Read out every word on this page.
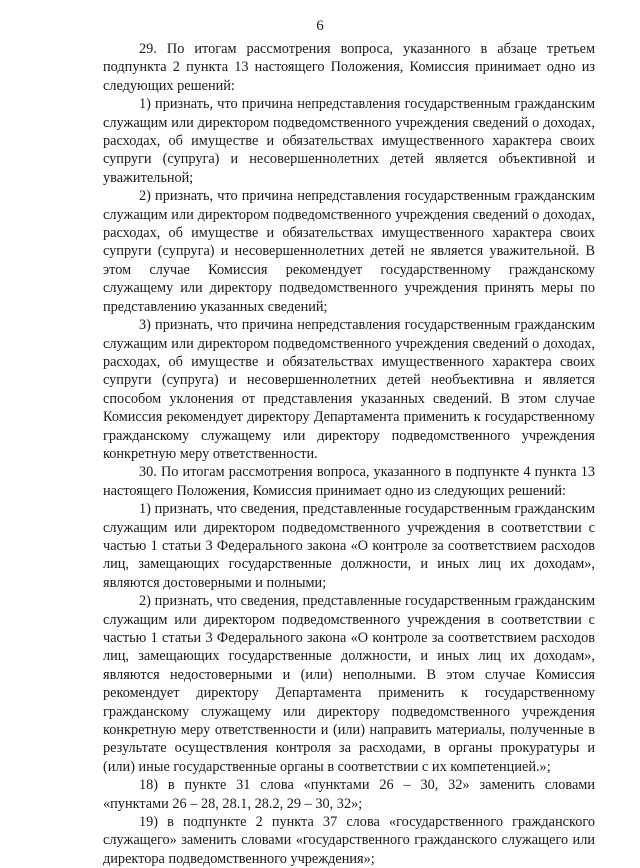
6

29. По итогам рассмотрения вопроса, указанного в абзаце третьем подпункта 2 пункта 13 настоящего Положения, Комиссия принимает одно из следующих решений:

1) признать, что причина непредставления государственным гражданским служащим или директором подведомственного учреждения сведений о доходах, расходах, об имуществе и обязательствах имущественного характера своих супруги (супруга) и несовершеннолетних детей является объективной и уважительной;

2) признать, что причина непредставления государственным гражданским служащим или директором подведомственного учреждения сведений о доходах, расходах, об имуществе и обязательствах имущественного характера своих супруги (супруга) и несовершеннолетних детей не является уважительной. В этом случае Комиссия рекомендует государственному гражданскому служащему или директору подведомственного учреждения принять меры по представлению указанных сведений;

3) признать, что причина непредставления государственным гражданским служащим или директором подведомственного учреждения сведений о доходах, расходах, об имуществе и обязательствах имущественного характера своих супруги (супруга) и несовершеннолетних детей необъективна и является способом уклонения от представления указанных сведений. В этом случае Комиссия рекомендует директору Департамента применить к государственному гражданскому служащему или директору подведомственного учреждения конкретную меру ответственности.

30. По итогам рассмотрения вопроса, указанного в подпункте 4 пункта 13 настоящего Положения, Комиссия принимает одно из следующих решений:

1) признать, что сведения, представленные государственным гражданским служащим или директором подведомственного учреждения в соответствии с частью 1 статьи 3 Федерального закона «О контроле за соответствием расходов лиц, замещающих государственные должности, и иных лиц их доходам», являются достоверными и полными;

2) признать, что сведения, представленные государственным гражданским служащим или директором подведомственного учреждения в соответствии с частью 1 статьи 3 Федерального закона «О контроле за соответствием расходов лиц, замещающих государственные должности, и иных лиц их доходам», являются недостоверными и (или) неполными. В этом случае Комиссия рекомендует директору Департамента применить к государственному гражданскому служащему или директору подведомственного учреждения конкретную меру ответственности и (или) направить материалы, полученные в результате осуществления контроля за расходами, в органы прокуратуры и (или) иные государственные органы в соответствии с их компетенцией.»;

18) в пункте 31 слова «пунктами 26 – 30, 32» заменить словами «пунктами 26 – 28, 28.1, 28.2, 29 – 30, 32»;

19) в подпункте 2 пункта 37 слова «государственного гражданского служащего» заменить словами «государственного гражданского служащего или директора подведомственного учреждения»;
